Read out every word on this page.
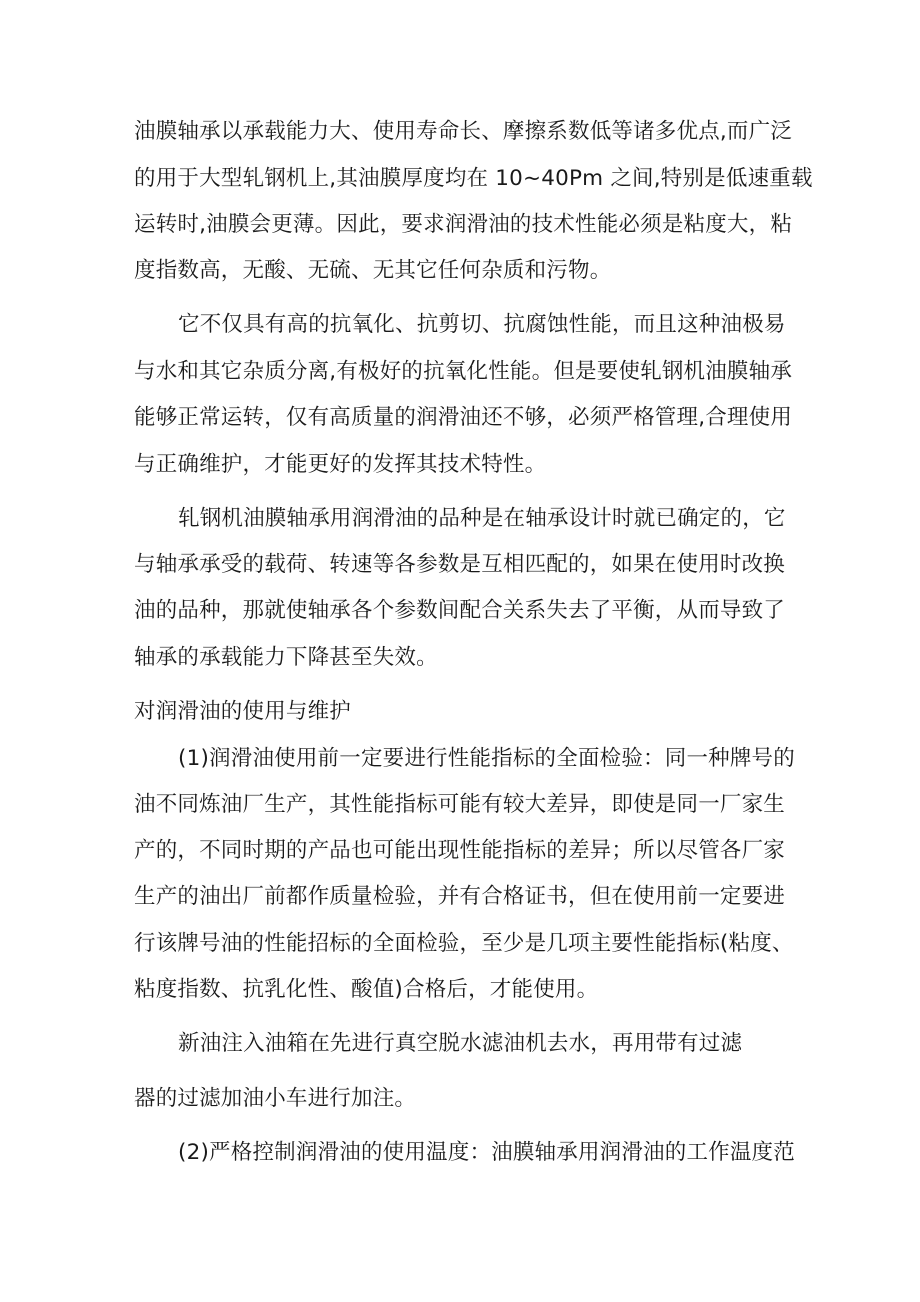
油膜轴承以承载能力大、使用寿命长、摩擦系数低等诸多优点,而广泛
的用于大型轧钢机上,其油膜厚度均在 10~40Pm 之间,特别是低速重载
运转时,油膜会更薄。因此，要求润滑油的技术性能必须是粘度大，粘
度指数高，无酸、无硫、无其它任何杂质和污物。
它不仅具有高的抗氧化、抗剪切、抗腐蚀性能，而且这种油极易
与水和其它杂质分离,有极好的抗氧化性能。但是要使轧钢机油膜轴承
能够正常运转，仅有高质量的润滑油还不够，必须严格管理,合理使用
与正确维护，才能更好的发挥其技术特性。
轧钢机油膜轴承用润滑油的品种是在轴承设计时就已确定的，它
与轴承承受的载荷、转速等各参数是互相匹配的，如果在使用时改换
油的品种，那就使轴承各个参数间配合关系失去了平衡，从而导致了
轴承的承载能力下降甚至失效。
对润滑油的使用与维护
(1)润滑油使用前一定要进行性能指标的全面检验：同一种牌号的
油不同炼油厂生产，其性能指标可能有较大差异，即使是同一厂家生
产的，不同时期的产品也可能出现性能指标的差异；所以尽管各厂家
生产的油出厂前都作质量检验，并有合格证书，但在使用前一定要进
行该牌号油的性能招标的全面检验，至少是几项主要性能指标(粘度、
粘度指数、抗乳化性、酸值)合格后，才能使用。
新油注入油箱在先进行真空脱水滤油机去水，再用带有过滤
器的过滤加油小车进行加注。
(2)严格控制润滑油的使用温度：油膜轴承用润滑油的工作温度范
